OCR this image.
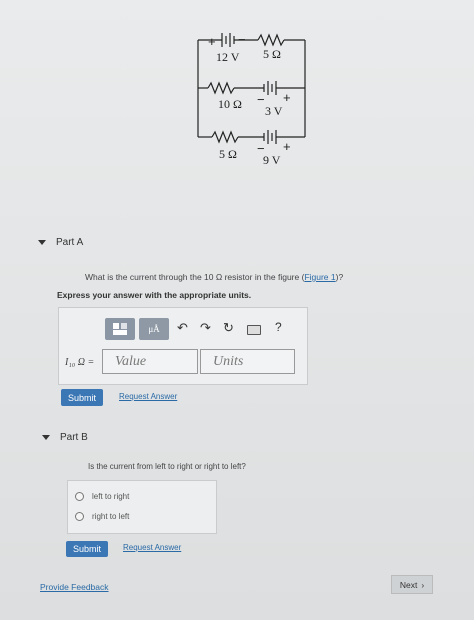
+ −
12 V 5 Ω
10 Ω − +
3 V
5 Ω − +
9 V
Part A
What is the current through the 10 Ω resistor in the figure (Figure 1)?
Express your answer with the appropriate units.
μÅ	↶ ↷ ↻	?
I₁₀ Ω =	Value	Units
Submit	Request Answer
Part B
Is the current from left to right or right to left?
left to right
right to left
Submit	Request Answer
Provide Feedback	Next ›
